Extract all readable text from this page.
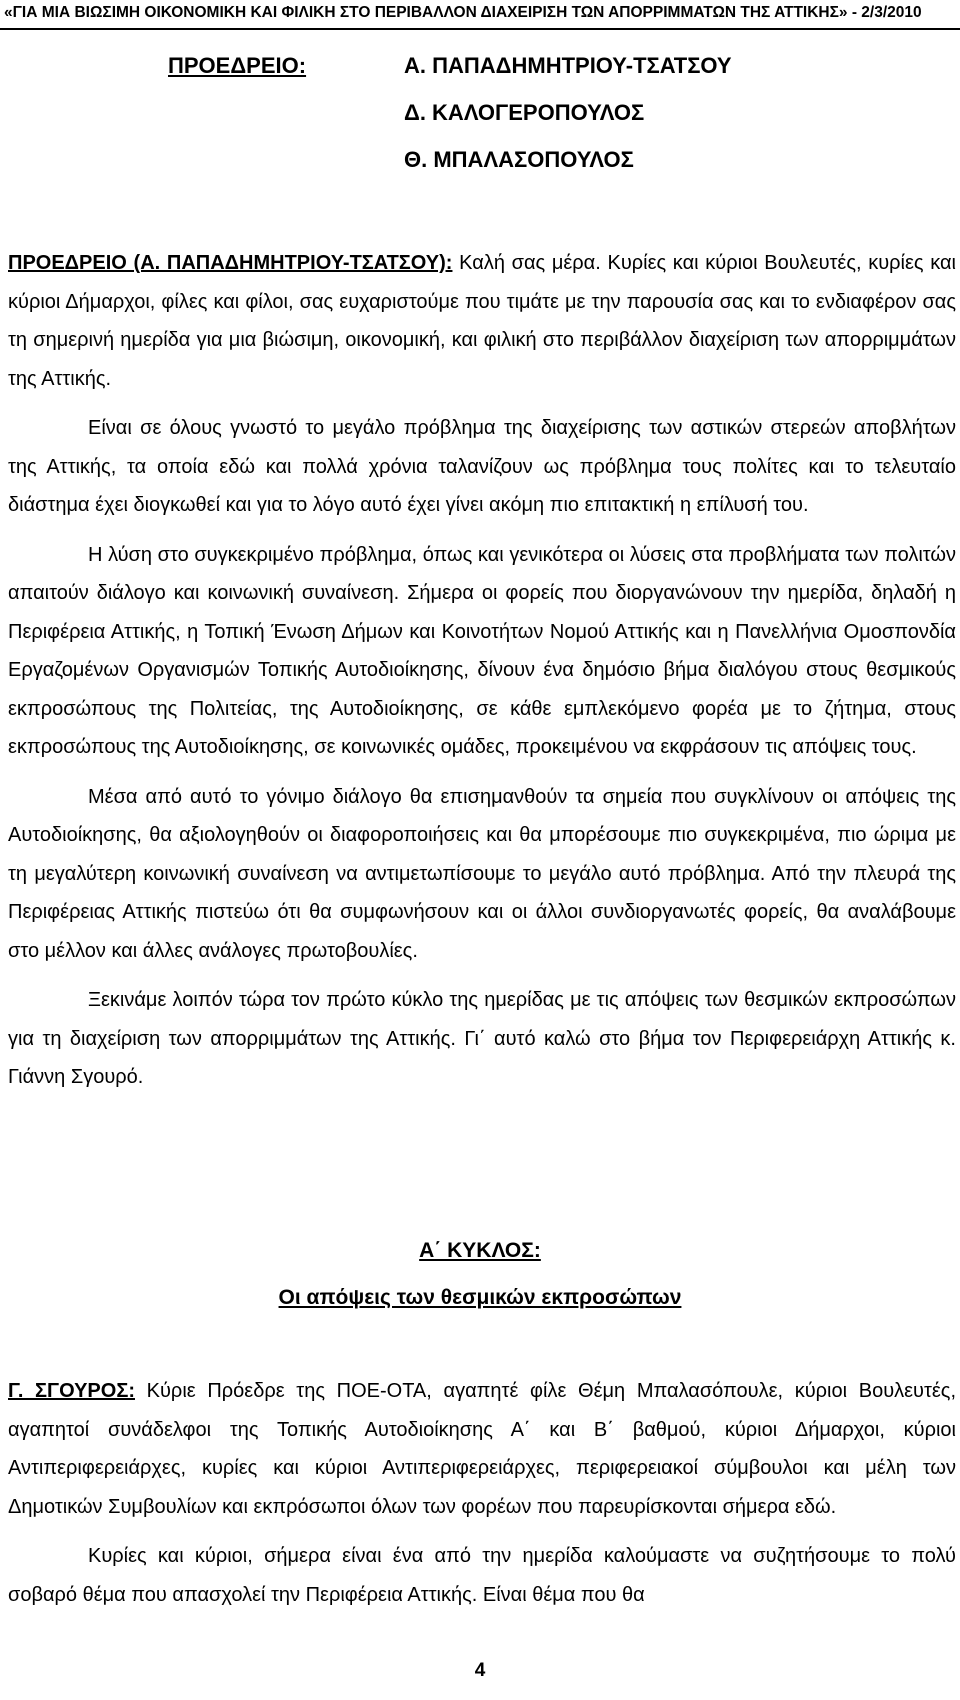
«ΓΙΑ ΜΙΑ ΒΙΩΣΙΜΗ ΟΙΚΟΝΟΜΙΚΗ ΚΑΙ ΦΙΛΙΚΗ ΣΤΟ ΠΕΡΙΒΑΛΛΟΝ ΔΙΑΧΕΙΡΙΣΗ ΤΩΝ ΑΠΟΡΡΙΜΜΑΤΩΝ ΤΗΣ ΑΤΤΙΚΗΣ» - 2/3/2010
ΠΡΟΕΔΡΕΙΟ:	Α. ΠΑΠΑΔΗΜΗΤΡΙΟΥ-ΤΣΑΤΣΟΥ
Δ. ΚΑΛΟΓΕΡΟΠΟΥΛΟΣ
Θ. ΜΠΑΛΑΣΟΠΟΥΛΟΣ

ΠΡΟΕΔΡΕΙΟ (Α. ΠΑΠΑΔΗΜΗΤΡΙΟΥ-ΤΣΑΤΣΟΥ): Καλή σας μέρα. Κυρίες και κύριοι Βουλευτές, κυρίες και κύριοι Δήμαρχοι, φίλες και φίλοι, σας ευχαριστούμε που τιμάτε με την παρουσία σας και το ενδιαφέρον σας τη σημερινή ημερίδα για μια βιώσιμη, οικονομική, και φιλική στο περιβάλλον διαχείριση των απορριμμάτων της Αττικής.

Είναι σε όλους γνωστό το μεγάλο πρόβλημα της διαχείρισης των αστικών στερεών αποβλήτων της Αττικής, τα οποία εδώ και πολλά χρόνια ταλανίζουν ως πρόβλημα τους πολίτες και το τελευταίο διάστημα έχει διογκωθεί και για το λόγο αυτό έχει γίνει ακόμη πιο επιτακτική η επίλυσή του.

Η λύση στο συγκεκριμένο πρόβλημα, όπως και γενικότερα οι λύσεις στα προβλήματα των πολιτών απαιτούν διάλογο και κοινωνική συναίνεση. Σήμερα οι φορείς που διοργανώνουν την ημερίδα, δηλαδή η Περιφέρεια Αττικής, η Τοπική Ένωση Δήμων και Κοινοτήτων Νομού Αττικής και η Πανελλήνια Ομοσπονδία Εργαζομένων Οργανισμών Τοπικής Αυτοδιοίκησης, δίνουν ένα δημόσιο βήμα διαλόγου στους θεσμικούς εκπροσώπους της Πολιτείας, της Αυτοδιοίκησης, σε κάθε εμπλεκόμενο φορέα με το ζήτημα, στους εκπροσώπους της Αυτοδιοίκησης, σε κοινωνικές ομάδες, προκειμένου να εκφράσουν τις απόψεις τους.

Μέσα από αυτό το γόνιμο διάλογο θα επισημανθούν τα σημεία που συγκλίνουν οι απόψεις της Αυτοδιοίκησης, θα αξιολογηθούν οι διαφοροποιήσεις και θα μπορέσουμε πιο συγκεκριμένα, πιο ώριμα με τη μεγαλύτερη κοινωνική συναίνεση να αντιμετωπίσουμε το μεγάλο αυτό πρόβλημα. Από την πλευρά της Περιφέρειας Αττικής πιστεύω ότι θα συμφωνήσουν και οι άλλοι συνδιοργανωτές φορείς, θα αναλάβουμε στο μέλλον και άλλες ανάλογες πρωτοβουλίες.

Ξεκινάμε λοιπόν τώρα τον πρώτο κύκλο της ημερίδας με τις απόψεις των θεσμικών εκπροσώπων για τη διαχείριση των απορριμμάτων της Αττικής. Γι΄ αυτό καλώ στο βήμα τον Περιφερειάρχη Αττικής κ. Γιάννη Σγουρό.

Α΄ ΚΥΚΛΟΣ:
Οι απόψεις των θεσμικών εκπροσώπων

Γ. ΣΓΟΥΡΟΣ: Κύριε Πρόεδρε της ΠΟΕ-ΟΤΑ, αγαπητέ φίλε Θέμη Μπαλασόπουλε, κύριοι Βουλευτές, αγαπητοί συνάδελφοι της Τοπικής Αυτοδιοίκησης Α΄ και Β΄ βαθμού, κύριοι Δήμαρχοι, κύριοι Αντιπεριφερειάρχες, κυρίες και κύριοι Αντιπεριφερειάρχες, περιφερειακοί σύμβουλοι και μέλη των Δημοτικών Συμβουλίων και εκπρόσωποι όλων των φορέων που παρευρίσκονται σήμερα εδώ.

Κυρίες και κύριοι, σήμερα είναι ένα από την ημερίδα καλούμαστε να συζητήσουμε το πολύ σοβαρό θέμα που απασχολεί την Περιφέρεια Αττικής. Είναι θέμα που θα

4
